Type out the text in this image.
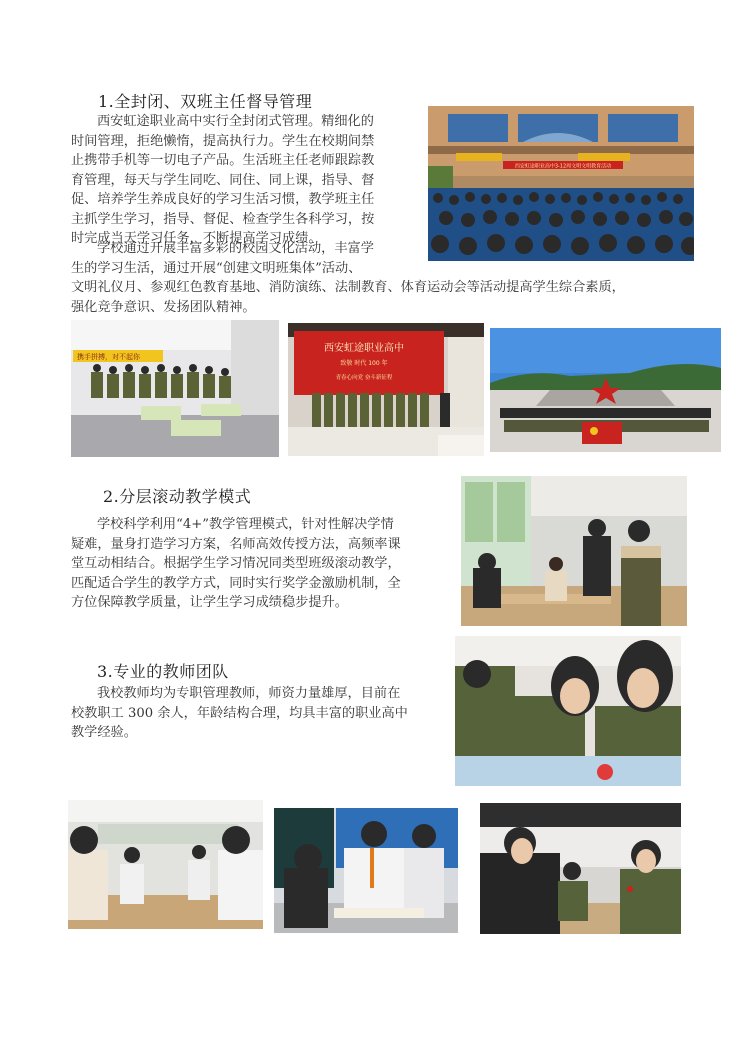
1.全封闭、双班主任督导管理
西安虹途职业高中实行全封闭式管理。精细化的
时间管理，拒绝懒惰，提高执行力。学生在校期间禁
止携带手机等一切电子产品。生活班主任老师跟踪教
育管理，每天与学生同吃、同住、同上课，指导、督
促、培养学生养成良好的学习生活习惯，教学班主任
主抓学生学习，指导、督促、检查学生各科学习，按
时完成当天学习任务，不断提高学习成绩。
学校通过开展丰富多彩的校园文化活动，丰富学
生的学习生活，通过开展“创建文明班集体”活动、
文明礼仪月、参观红色教育基地、消防演练、法制教育、体育运动会等活动提高学生综合素质，
强化竞争意识、发扬团队精神。
西安虹途职业高中3-12周文明文明教育活动
携手拼搏，对不起你
西安虹途职业高中
致敬 时代 100 年
青春心向党 奋斗新征程
2.分层滚动教学模式
学校科学利用“4+”教学管理模式，针对性解决学情
疑难，量身打造学习方案，名师高效传授方法，高频率课
堂互动相结合。根据学生学习情况同类型班级滚动教学，
匹配适合学生的教学方式，同时实行奖学金激励机制，全
方位保障教学质量，让学生学习成绩稳步提升。
3.专业的教师团队
我校教师均为专职管理教师，师资力量雄厚，目前在
校教职工 300 余人，年龄结构合理，均具丰富的职业高中
教学经验。
